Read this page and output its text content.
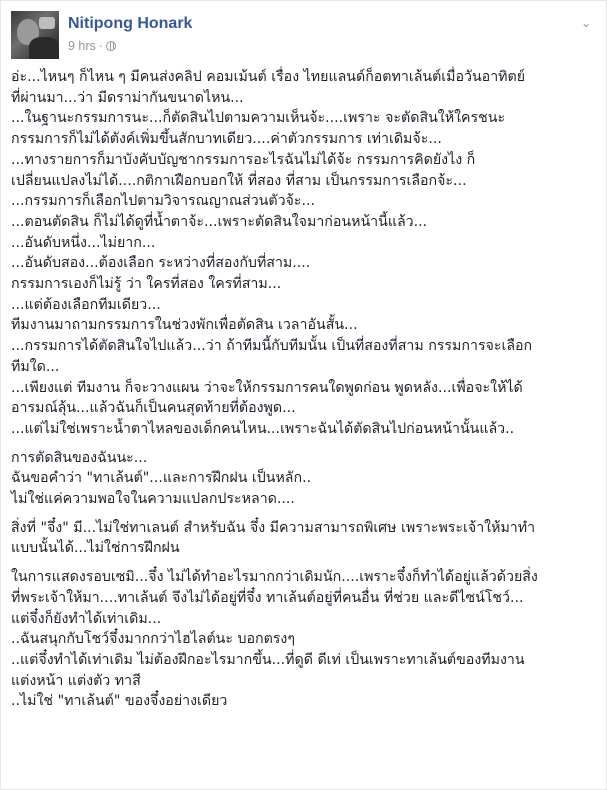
Nitipong Honark
9 hrs ·
⌄
อ่ะ...ไหนๆ ก็ไหน ๆ มีคนส่งคลิป คอมเม้นต์ เรื่อง ไทยแลนด์ก็อตทาเล้นต์เมื่อวันอาทิตย์
ที่ผ่านมา...ว่า มีดราม่ากันขนาดไหน...
...ในฐานะกรรมการนะ...ก็ตัดสินไปตามความเห็นจ้ะ....เพราะ จะตัดสินให้ใครชนะ
กรรมการก็ไม่ได้ตังค์เพิ่มขึ้นสักบาทเดียว....ค่าตัวกรรมการ เท่าเดิมจ้ะ...
...ทางรายการก็มาบังคับบัญชากรรมการอะไรฉันไม่ได้จ้ะ กรรมการคิดยังไง ก็
เปลี่ยนแปลงไม่ได้....กติกาเฝือกบอกให้ ที่สอง ที่สาม เป็นกรรมการเลือกจ้ะ...
...กรรมการก็เลือกไปตามวิจารณญาณส่วนตัวจ้ะ...
...ตอนตัดสิน ก็ไม่ได้ดูที่น้ำตาจ้ะ...เพราะตัดสินใจมาก่อนหน้านี้แล้ว...
...อันดับหนึ่ง...ไม่ยาก...
...อันดับสอง...ต้องเลือก ระหว่างที่สองกับที่สาม....
กรรมการเองก็ไม่รู้ ว่า ใครที่สอง ใครที่สาม...
...แต่ต้องเลือกทีมเดียว...
ทีมงานมาถามกรรมการในช่วงพักเพื่อตัดสิน เวลาอันสั้น...
...กรรมการได้ตัดสินใจไปแล้ว...ว่า ถ้าทีมนี้กับทีมนั้น เป็นที่สองที่สาม กรรมการจะเลือก
ทีมใด...
...เพียงแต่ ทีมงาน ก็จะวางแผน ว่าจะให้กรรมการคนใดพูดก่อน พูดหลัง...เพื่อจะให้ได้
อารมณ์ลุ้น...แล้วฉันก็เป็นคนสุดท้ายที่ต้องพูด...
...แต่ไม่ใช่เพราะน้ำตาไหลของเด็กคนไหน...เพราะฉันได้ตัดสินไปก่อนหน้านั้นแล้ว..
การตัดสินของฉันนะ...
ฉันขอคำว่า "ทาเล้นต์"...และการฝึกฝน เป็นหลัก..
ไม่ใช่แค่ความพอใจในความแปลกประหลาด....
สิ่งที่ "จึ๋ง" มี...ไม่ใช่ทาเลนต์ สำหรับฉัน จึ๋ง มีความสามารถพิเศษ เพราะพระเจ้าให้มาทำ
แบบนั้นได้...ไม่ใช่การฝึกฝน
ในการแสดงรอบเซมิ...จึ๋ง ไม่ได้ทำอะไรมากกว่าเดิมนัก....เพราะจึ๋งก็ทำได้อยู่แล้วด้วยสิ่ง
ที่พระเจ้าให้มา....ทาเล้นต์ จึงไม่ได้อยู่ที่จึ๋ง ทาเล้นต์อยู่ที่คนอื่น ที่ช่วย และดีไซน์โชว์...
แต่จึ๋งก็ยังทำได้เท่าเดิม...
..ฉันสนุกกับโชว์จึ๋งมากกว่าไฮไลต์นะ บอกตรงๆ
..แต่จึ๋งทำได้เท่าเดิม ไม่ต้องฝึกอะไรมากขึ้น...ที่ดูดี ดีเท่ เป็นเพราะทาเล้นต์ของทีมงาน
แต่งหน้า แต่งตัว ทาสี
..ไม่ใช่ "ทาเล้นต์" ของจึ๋งอย่างเดียว
